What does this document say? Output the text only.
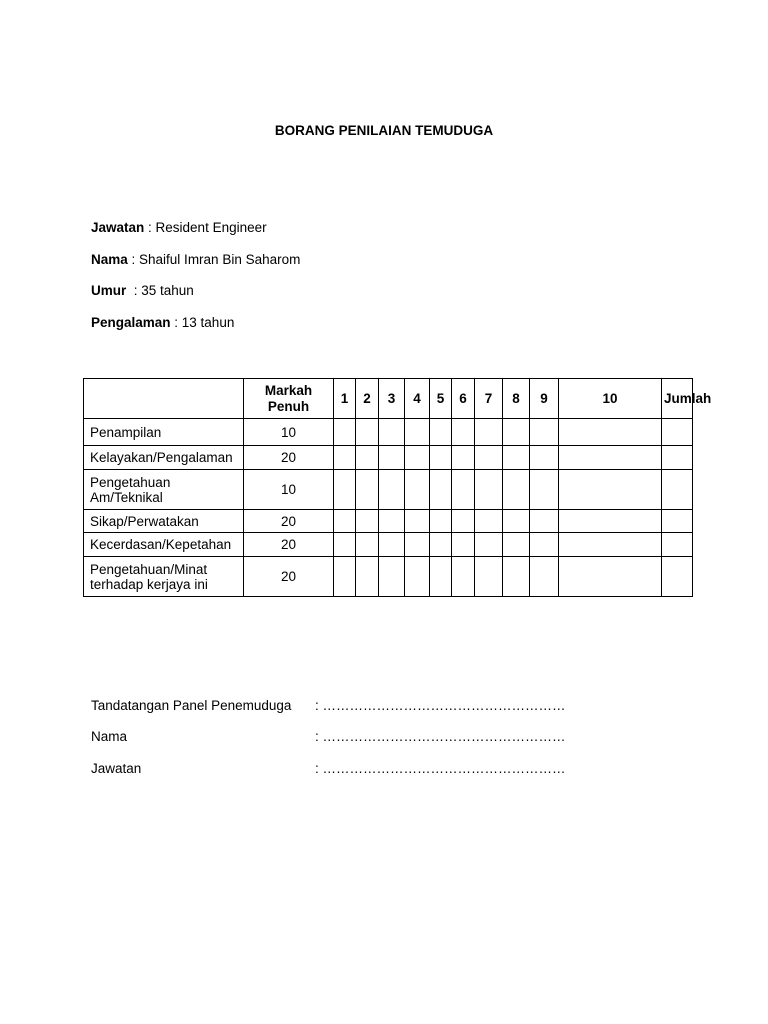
BORANG PENILAIAN TEMUDUGA
Jawatan : Resident Engineer
Nama : Shaiful Imran Bin Saharom
Umur  : 35 tahun
Pengalaman : 13 tahun
	Markah
Penuh	1	2	3	4	5	6	7	8	9	10	Jumlah
Penampilan	10											
Kelayakan/Pengalaman	20											
Pengetahuan
Am/Teknikal	10											
Sikap/Perwatakan	20											
Kecerdasan/Kepetahan	20											
Pengetahuan/Minat
terhadap kerjaya ini	20											
Tandatangan Panel Penemuduga : ………………………………………………
Nama	: ………………………………………………
Jawatan	: ………………………………………………
